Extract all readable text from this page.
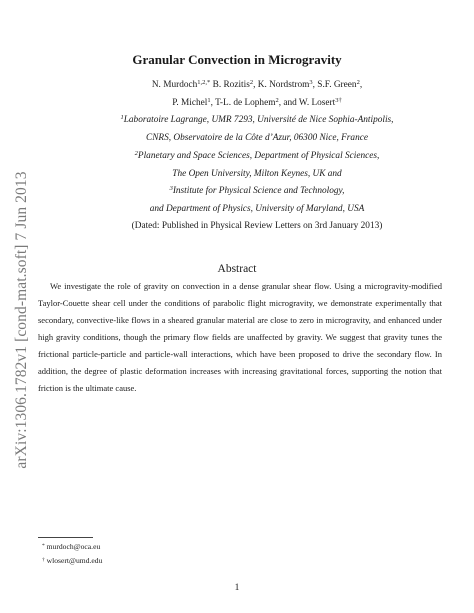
arXiv:1306.1782v1 [cond-mat.soft] 7 Jun 2013
Granular Convection in Microgravity
N. Murdoch$^{1,2,*}$ B. Rozitis$^2$, K. Nordstrom$^3$, S.F. Green$^2$,
P. Michel$^1$, T-L. de Lophem$^2$, and W. Losert$^{3\dagger}$
$^1$Laboratoire Lagrange, UMR 7293, Université de Nice Sophia-Antipolis,
CNRS, Observatoire de la Côte d’Azur, 06300 Nice, France
$^2$Planetary and Space Sciences, Department of Physical Sciences,
The Open University, Milton Keynes, UK and
$^3$Institute for Physical Science and Technology,
and Department of Physics, University of Maryland, USA
(Dated: Published in Physical Review Letters on 3rd January 2013)
Abstract

We investigate the role of gravity on convection in a dense granular shear flow. Using a microgravity-modified Taylor-Couette shear cell under the conditions of parabolic flight microgravity, we demonstrate experimentally that secondary, convective-like flows in a sheared granular material are close to zero in microgravity, and enhanced under high gravity conditions, though the primary flow fields are unaffected by gravity. We suggest that gravity tunes the frictional particle-particle and particle-wall interactions, which have been proposed to drive the secondary flow. In addition, the degree of plastic deformation increases with increasing gravitational forces, supporting the notion that friction is the ultimate cause.

* murdoch@oca.eu
† wlosert@umd.edu
1
